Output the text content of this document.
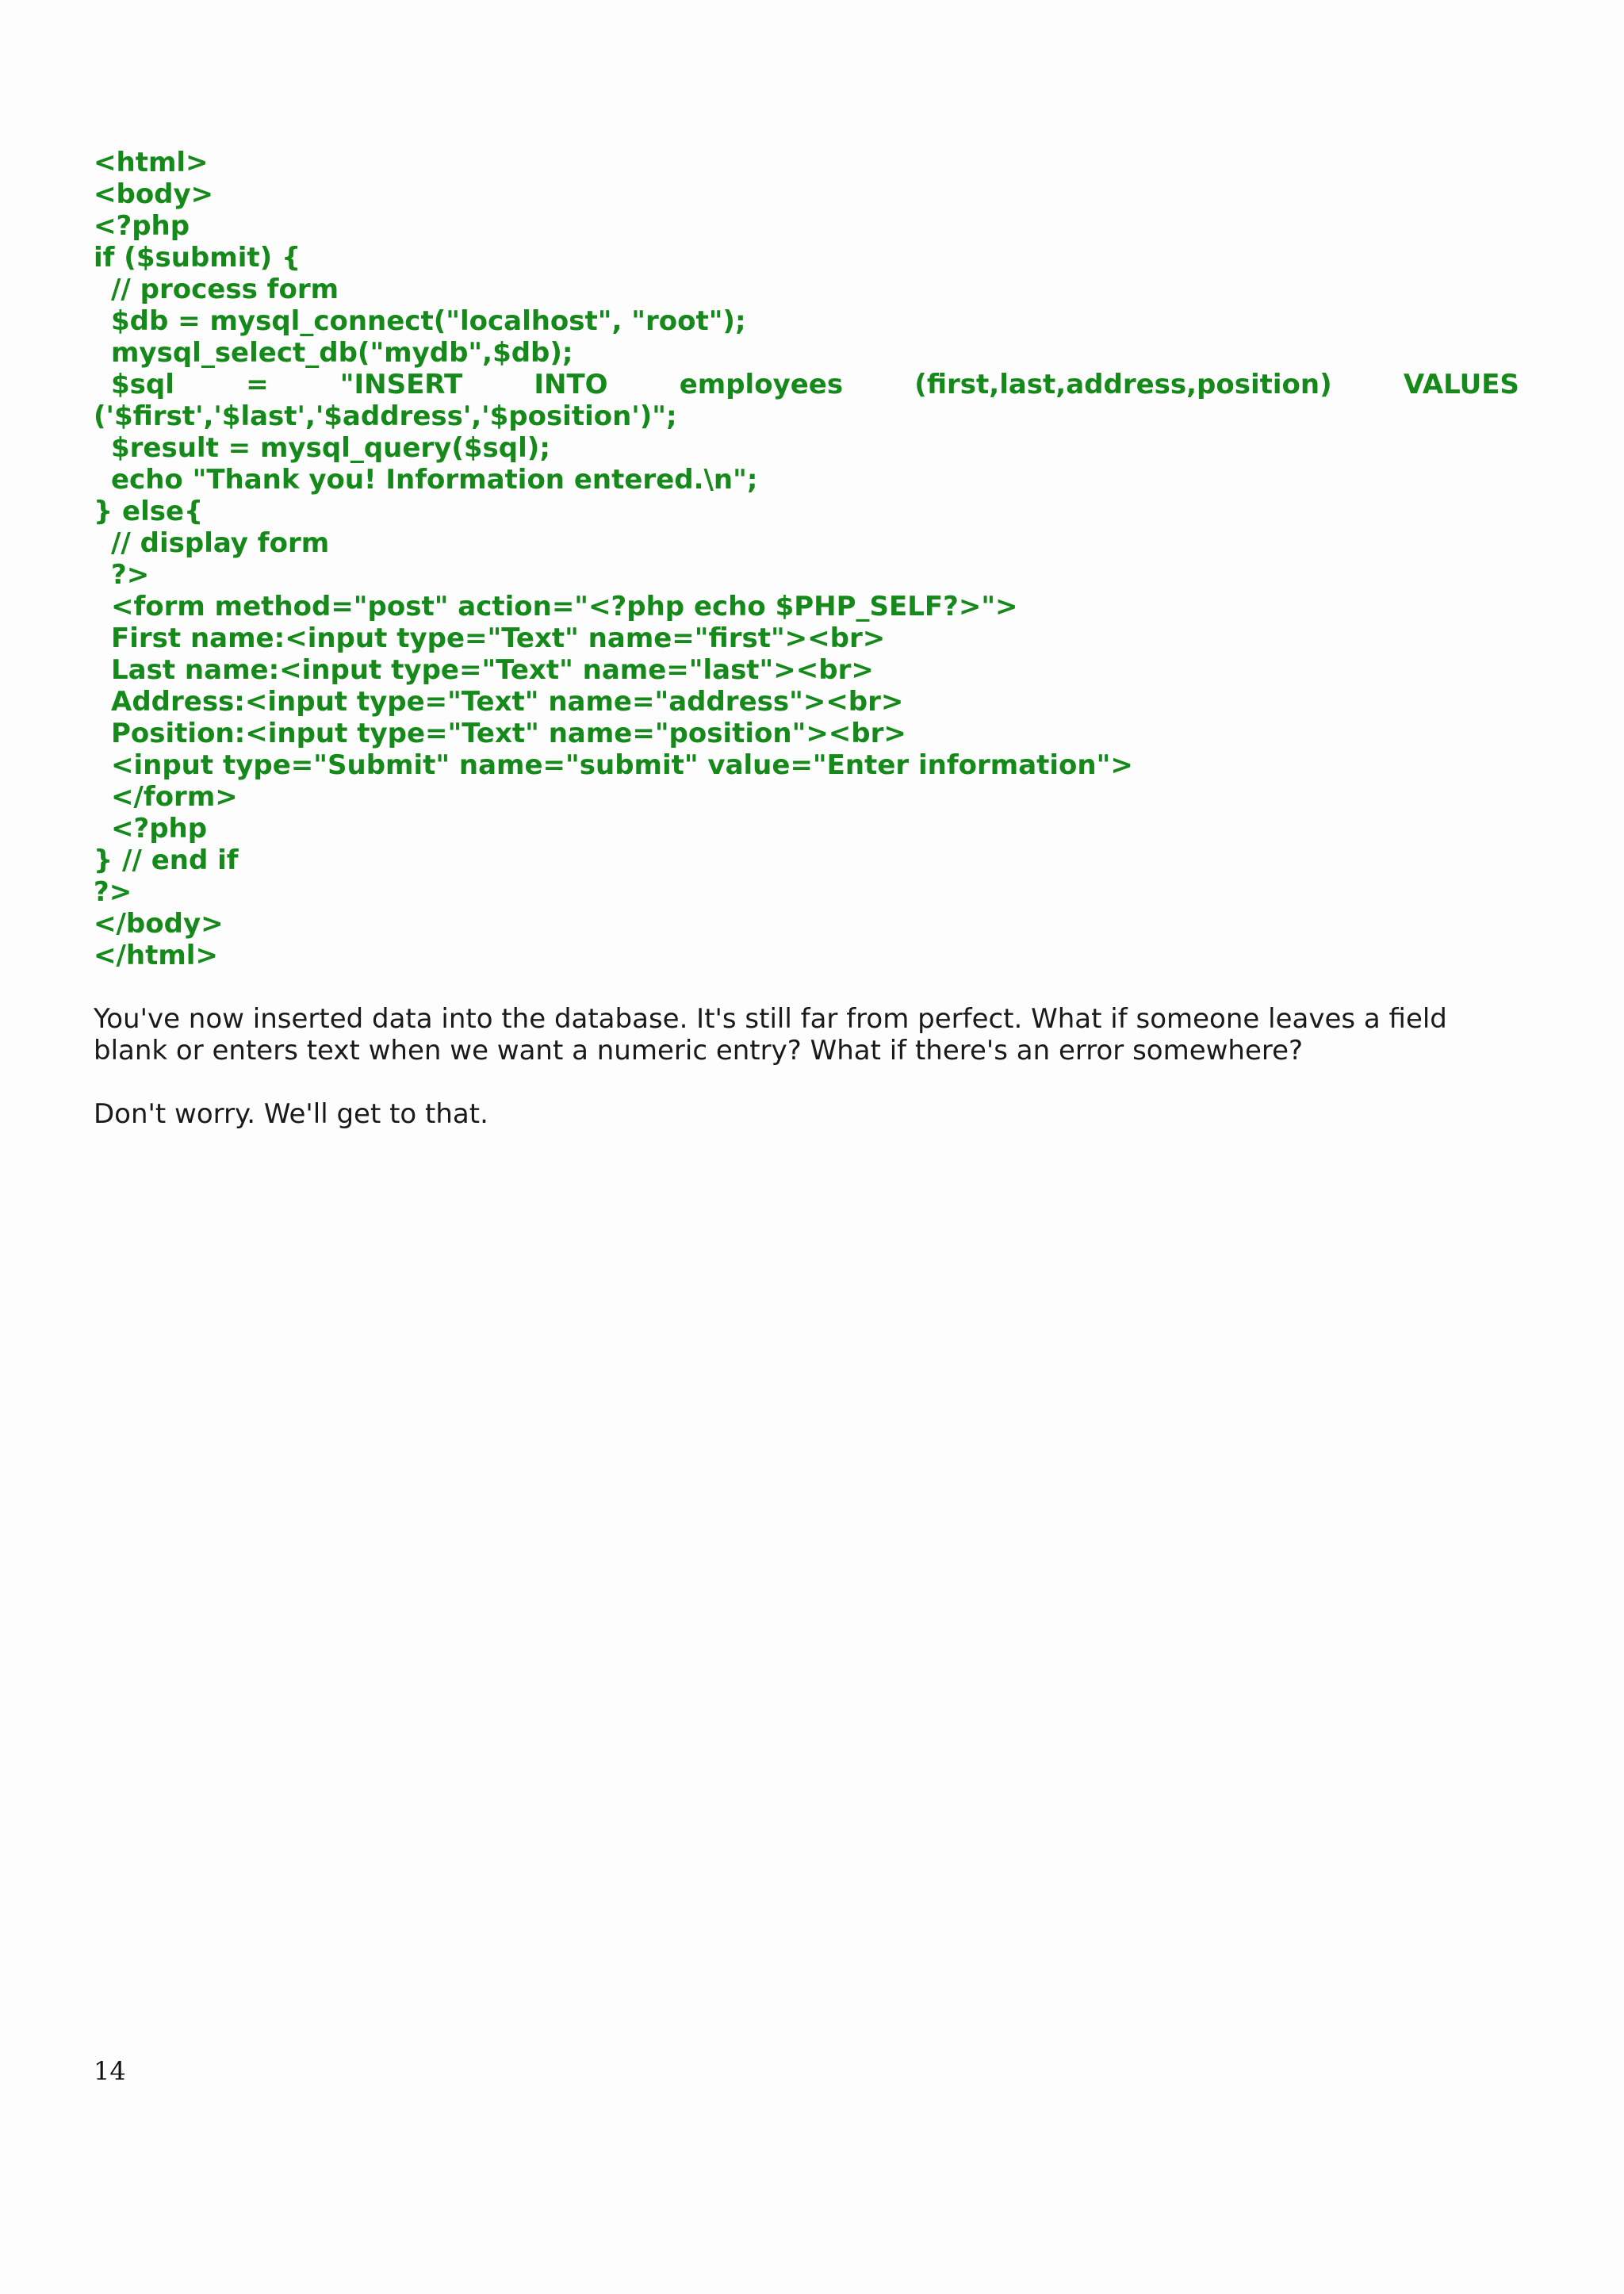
<html>
<body>
<?php
if ($submit) {
// process form
$db = mysql_connect("localhost", "root");
mysql_select_db("mydb",$db);
$sql	=	"INSERT	INTO	employees	(first,last,address,position)	VALUES
('$first','$last','$address','$position')";
$result = mysql_query($sql);
echo "Thank you! Information entered.\n";
} else{
// display form
?>
<form method="post" action="<?php echo $PHP_SELF?>">
First name:<input type="Text" name="first"><br>
Last name:<input type="Text" name="last"><br>
Address:<input type="Text" name="address"><br>
Position:<input type="Text" name="position"><br>
<input type="Submit" name="submit" value="Enter information">
</form>
<?php
} // end if
?>
</body>
</html>

You've now inserted data into the database. It's still far from perfect. What if someone leaves a field blank or enters text when we want a numeric entry? What if there's an error somewhere?

Don't worry. We'll get to that.

14
